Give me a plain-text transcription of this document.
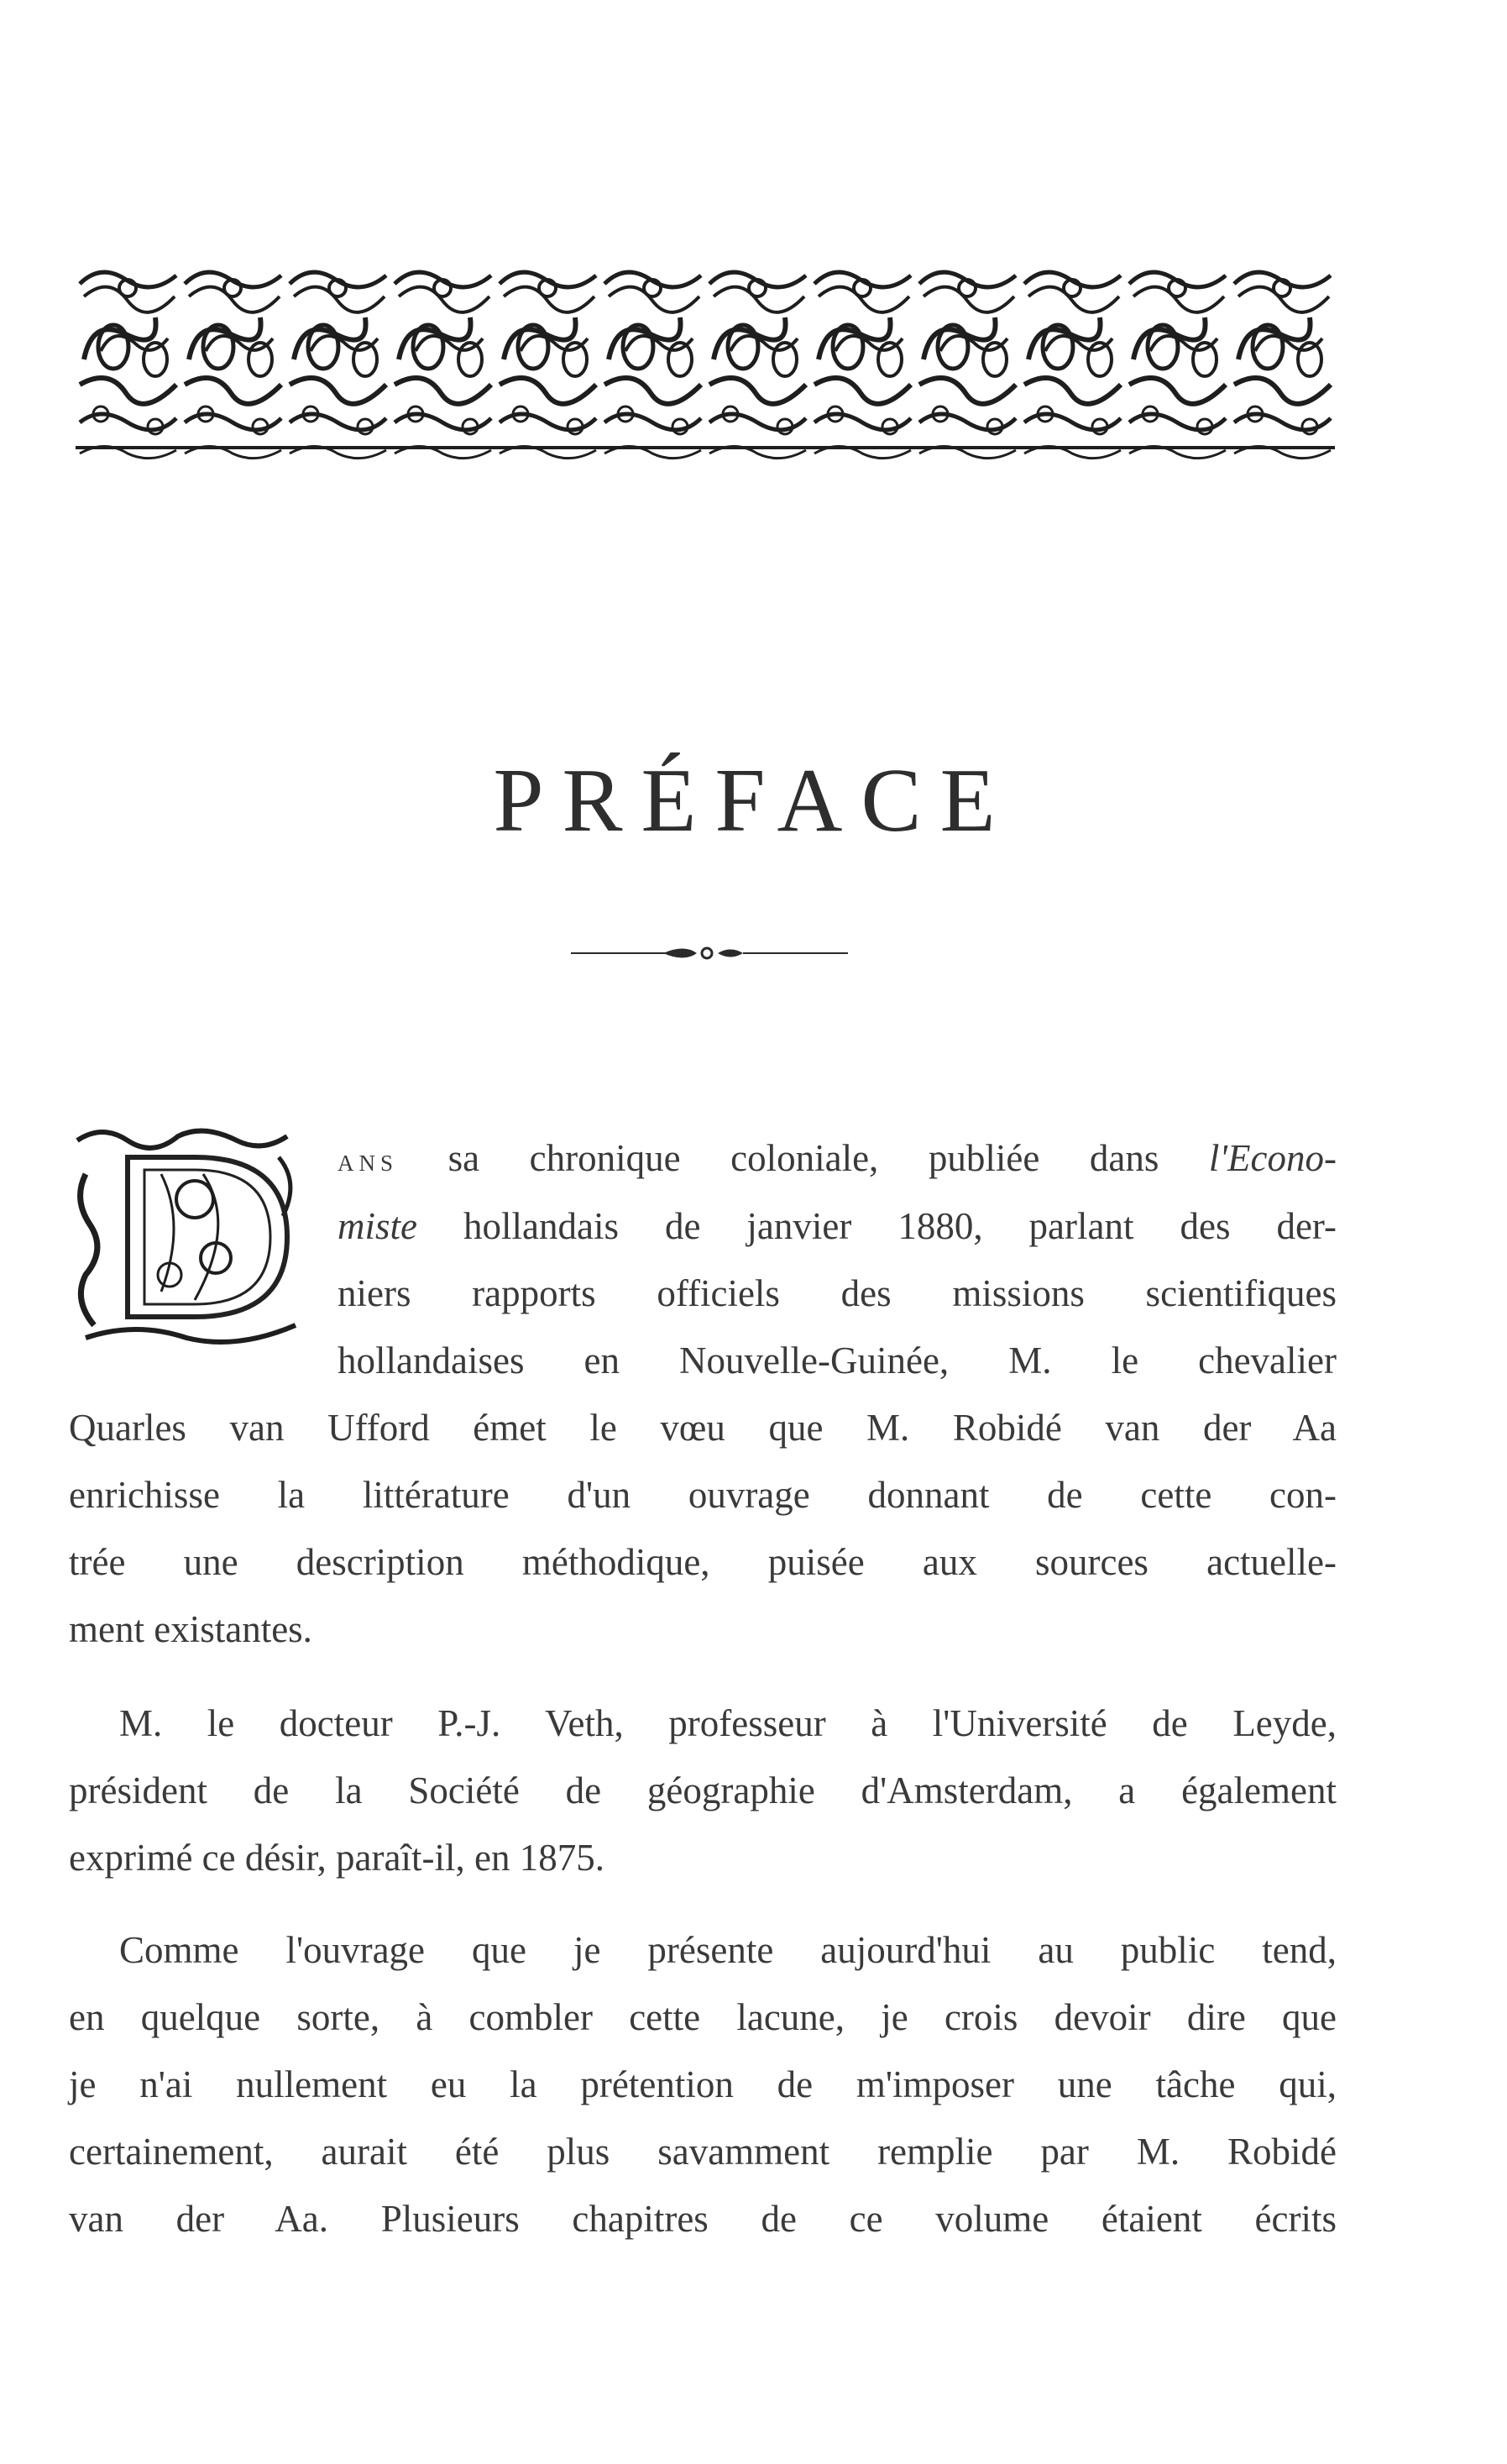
PRÉFACE
D
ans sa chronique coloniale, publiée dans l'Econo-
miste hollandais de janvier 1880, parlant des der-
niers rapports officiels des missions scientifiques
hollandaises en Nouvelle-Guinée, M. le chevalier
Quarles van Ufford émet le vœu que M. Robidé van der Aa
enrichisse la littérature d'un ouvrage donnant de cette con-
trée une description méthodique, puisée aux sources actuelle-
ment existantes.
M. le docteur P.-J. Veth, professeur à l'Université de Leyde,
président de la Société de géographie d'Amsterdam, a également
exprimé ce désir, paraît-il, en 1875.
Comme l'ouvrage que je présente aujourd'hui au public tend,
en quelque sorte, à combler cette lacune, je crois devoir dire que
je n'ai nullement eu la prétention de m'imposer une tâche qui,
certainement, aurait été plus savamment remplie par M. Robidé
van der Aa. Plusieurs chapitres de ce volume étaient écrits
